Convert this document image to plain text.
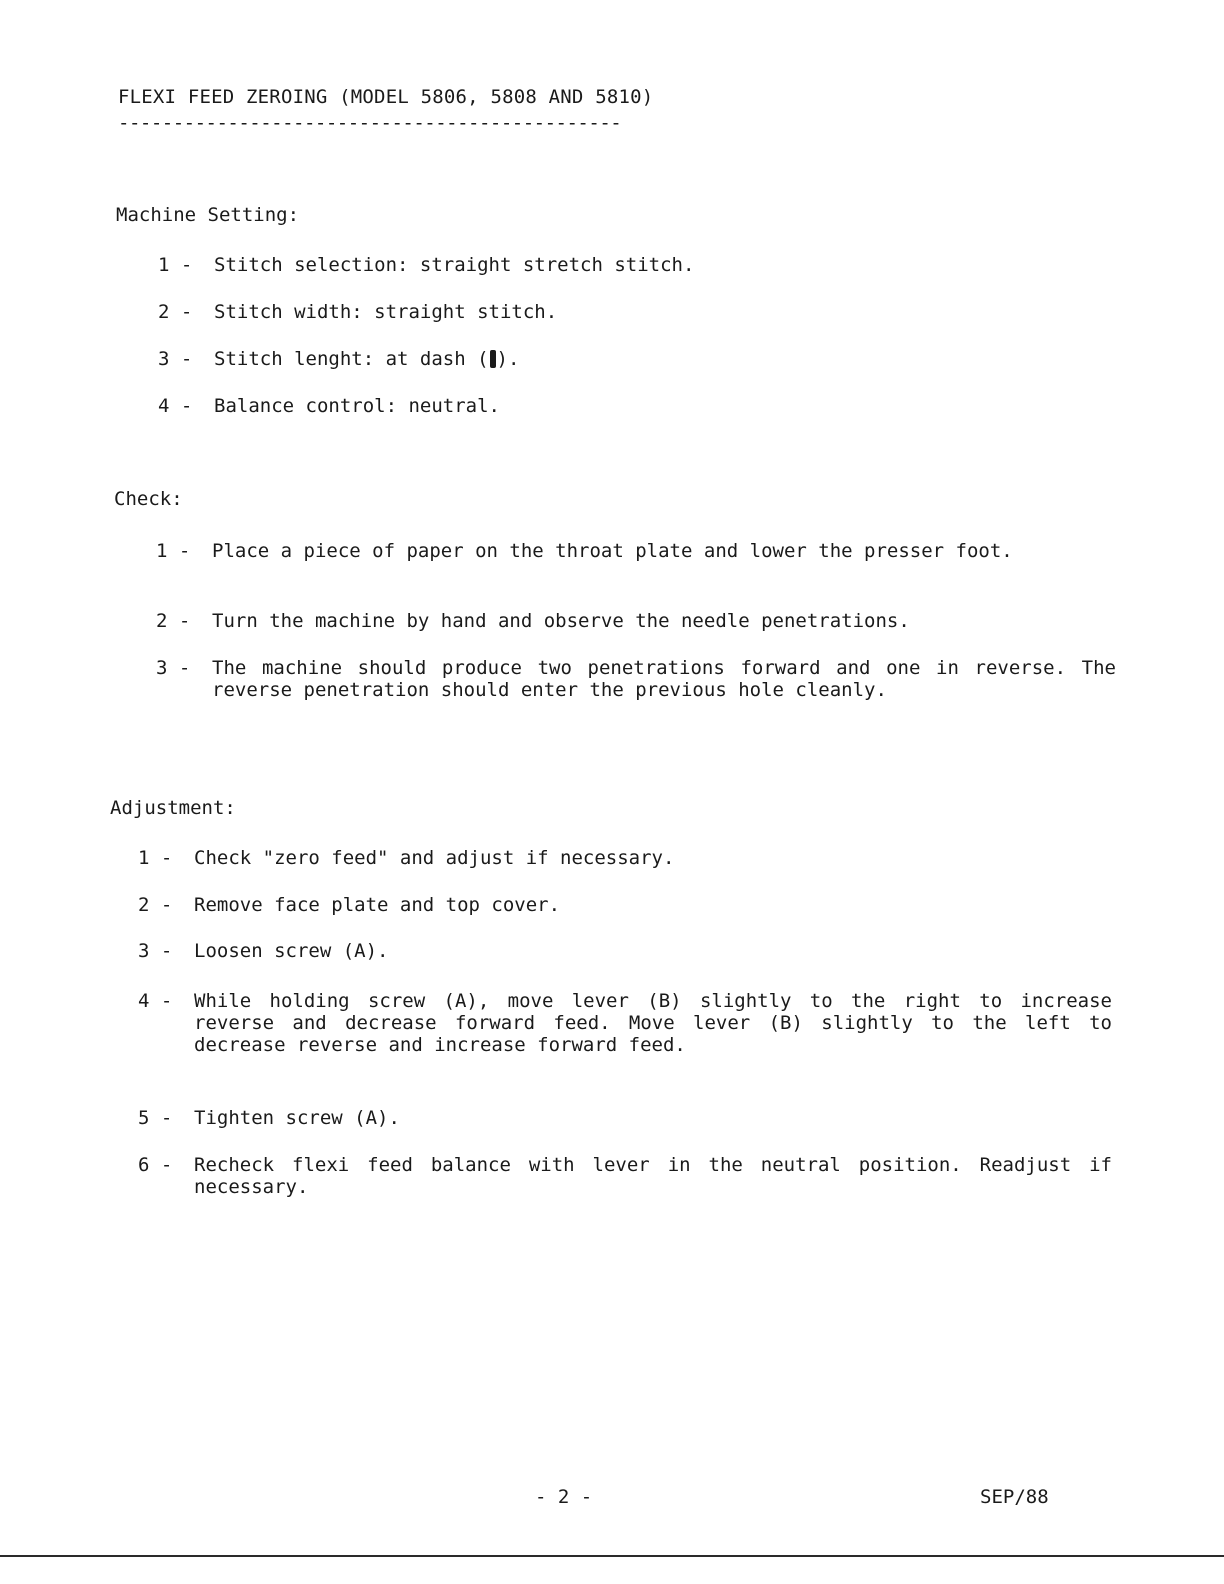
FLEXI FEED ZEROING (MODEL 5806, 5808 AND 5810)
----------------------------------------------
Machine Setting:
1 - Stitch selection: straight stretch stitch.
2 - Stitch width: straight stitch.
3 - Stitch lenght: at dash ( ).
4 - Balance control: neutral.
Check:
1 - Place a piece of paper on the throat plate and lower the presser foot.
2 - Turn the machine by hand and observe the needle penetrations.
3 - The machine should produce two penetrations forward and one in reverse. The reverse penetration should enter the previous hole cleanly.
Adjustment:
1 - Check "zero feed" and adjust if necessary.
2 - Remove face plate and top cover.
3 - Loosen screw (A).
4 - While holding screw (A), move lever (B) slightly to the right to increase reverse and decrease forward feed. Move lever (B) slightly to the left to decrease reverse and increase forward feed.
5 - Tighten screw (A).
6 - Recheck flexi feed balance with lever in the neutral position. Readjust if necessary.
- 2 -	SEP/88
